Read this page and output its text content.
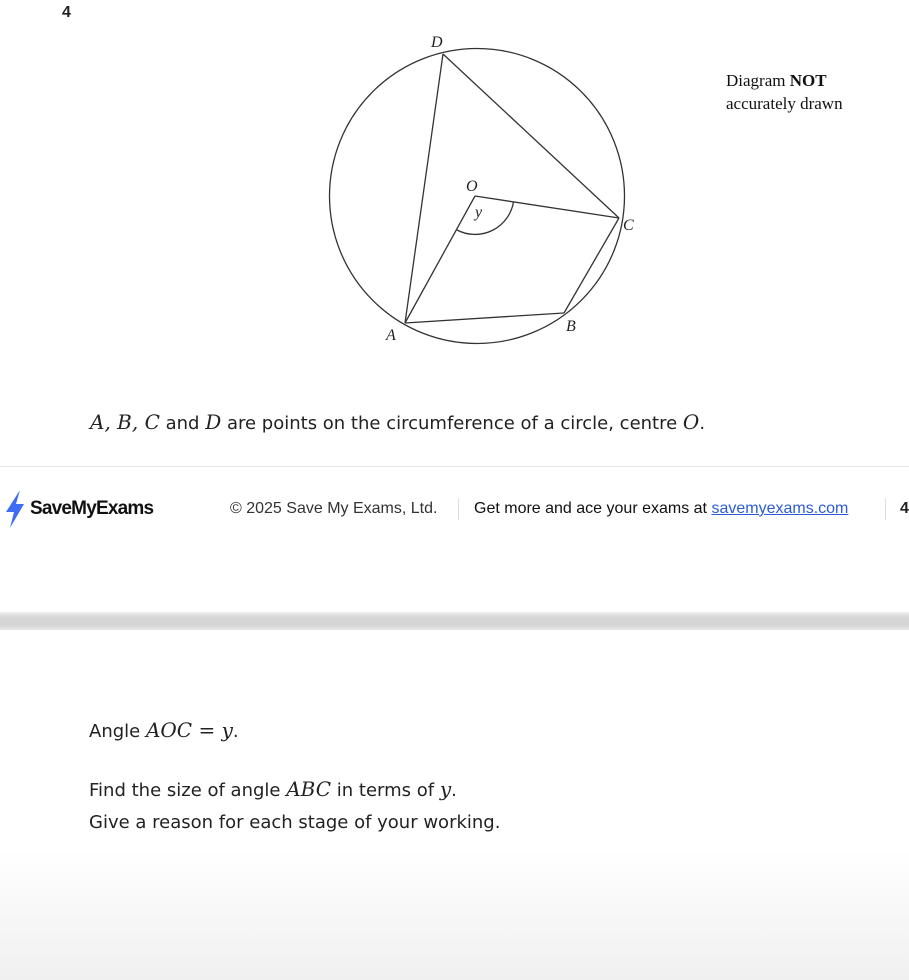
4
D
O
y
C
A
B
Diagram NOT
accurately drawn
A, B, C and D are points on the circumference of a circle, centre O.
SaveMyExams	© 2025 Save My Exams, Ltd. Get more and ace your exams at savemyexams.com	4
Angle AOC = y.
Find the size of angle ABC in terms of y.
Give a reason for each stage of your working.
